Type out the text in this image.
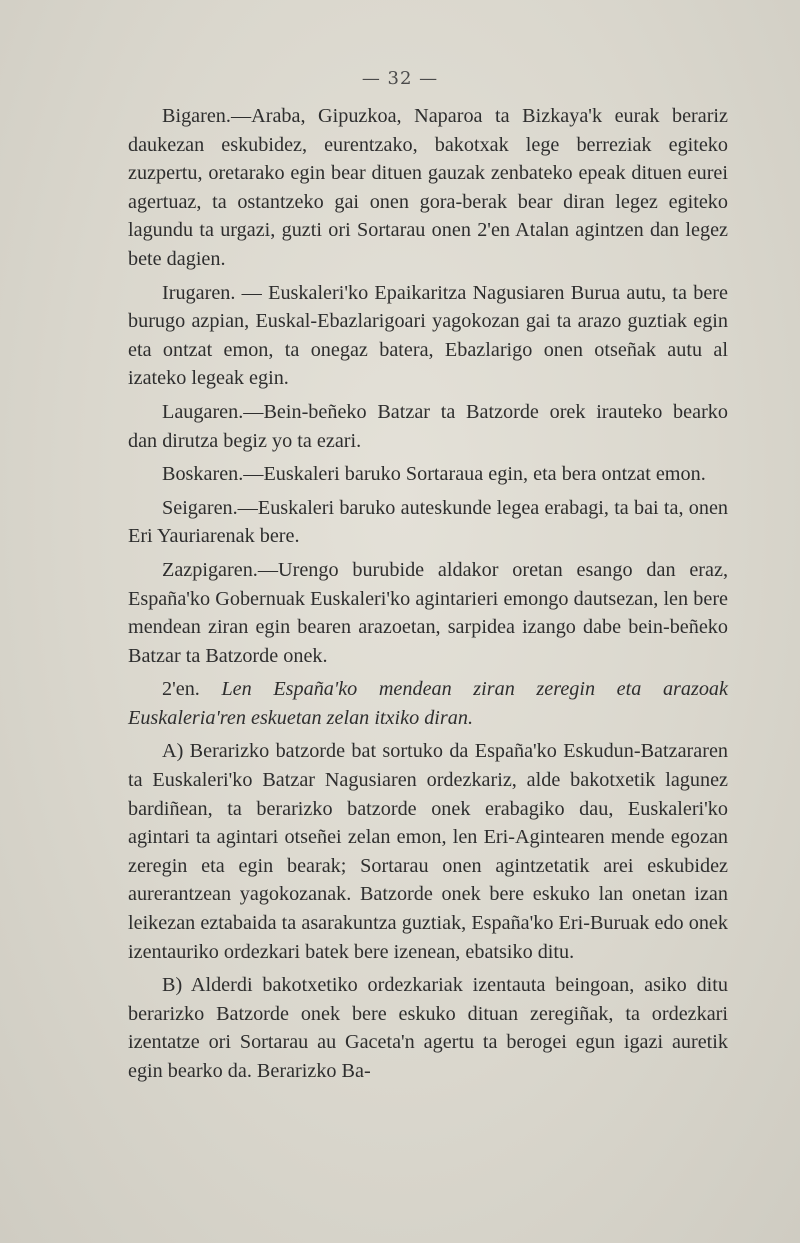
— 32 —

Bigaren.—Araba, Gipuzkoa, Naparoa ta Bizkaya'k eurak berariz daukezan eskubidez, eurentzako, bakotxak lege berreziak egiteko zuzpertu, oretarako egin bear dituen gauzak zenbateko epeak dituen eurei agertuaz, ta ostantzeko gai onen gora-berak bear diran legez egiteko lagundu ta urgazi, guzti ori Sortarau onen 2'en Atalan agintzen dan legez bete dagien.

Irugaren. — Euskaleri'ko Epaikaritza Nagusiaren Burua autu, ta bere burugo azpian, Euskal-Ebazlarigoari yagokozan gai ta arazo guztiak egin eta ontzat emon, ta onegaz batera, Ebazlarigo onen otseñak autu al izateko legeak egin.

Laugaren.—Bein-beñeko Batzar ta Batzorde orek irauteko bearko dan dirutza begiz yo ta ezari.

Boskaren.—Euskaleri baruko Sortaraua egin, eta bera ontzat emon.

Seigaren.—Euskaleri baruko auteskunde legea erabagi, ta bai ta, onen Eri Yauriarenak bere.

Zazpigaren.—Urengo burubide aldakor oretan esango dan eraz, España'ko Gobernuak Euskaleri'ko agintarieri emongo dautsezan, len bere mendean ziran egin bearen arazoetan, sarpidea izango dabe bein-beñeko Batzar ta Batzorde onek.

2'en. Len España'ko mendean ziran zeregin eta arazoak Euskaleria'ren eskuetan zelan itxiko diran.

A) Berarizko batzorde bat sortuko da España'ko Eskudun-Batzararen ta Euskaleri'ko Batzar Nagusiaren ordezkariz, alde bakotxetik lagunez bardiñean, ta berarizko batzorde onek erabagiko dau, Euskaleri'ko agintari ta agintari otseñei zelan emon, len Eri-Agintearen mende egozan zeregin eta egin bearak; Sortarau onen agintzetatik arei eskubidez aurerantzean yagokozanak. Batzorde onek bere eskuko lan onetan izan leikezan eztabaida ta asarakuntza guztiak, España'ko Eri-Buruak edo onek izentauriko ordezkari batek bere izenean, ebatsiko ditu.

B) Alderdi bakotxetiko ordezkariak izentauta beingoan, asiko ditu berarizko Batzorde onek bere eskuko dituan zeregiñak, ta ordezkari izentatze ori Sortarau au Gaceta'n agertu ta berogei egun igazi auretik egin bearko da. Berarizko Ba-
